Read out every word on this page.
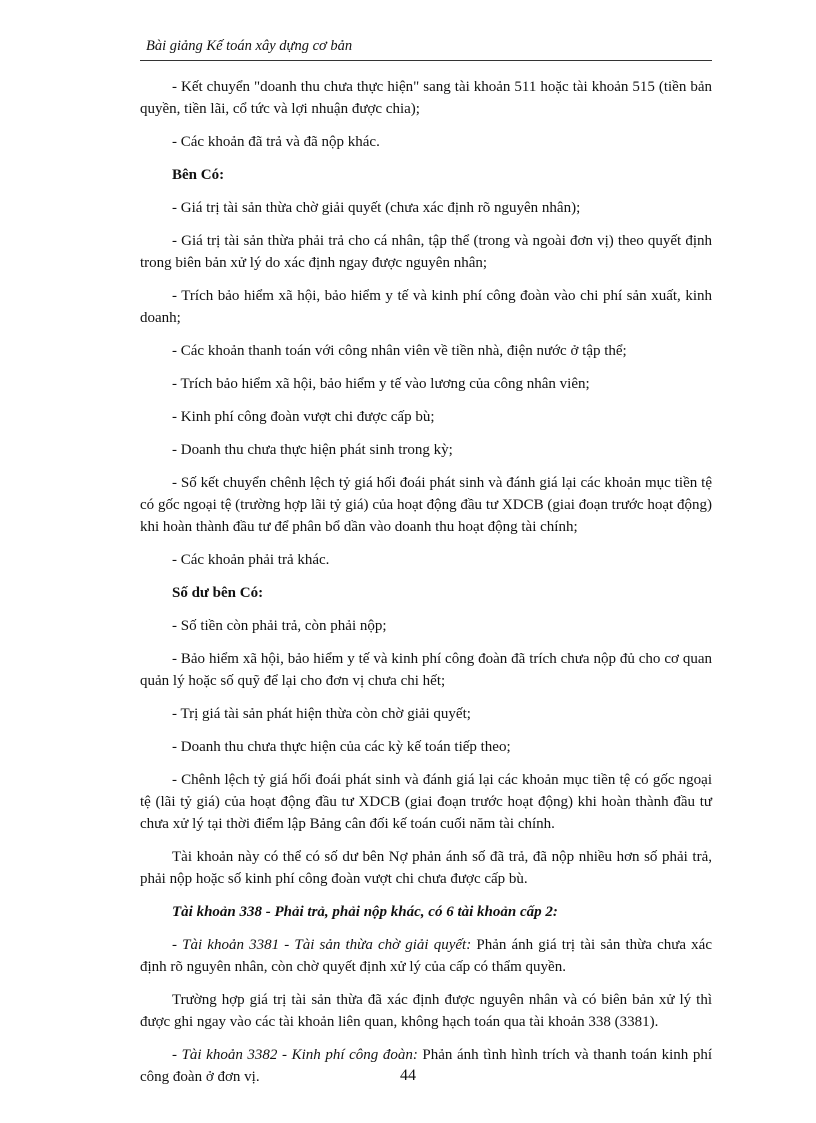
Bài giảng Kế toán xây dựng cơ bản

- Kết chuyển "doanh thu chưa thực hiện" sang tài khoản 511 hoặc tài khoản 515 (tiền bản quyền, tiền lãi, cổ tức và lợi nhuận được chia);

- Các khoản đã trả và đã nộp khác.

Bên Có:

- Giá trị tài sản thừa chờ giải quyết (chưa xác định rõ nguyên nhân);

- Giá trị tài sản thừa phải trả cho cá nhân, tập thể (trong và ngoài đơn vị) theo quyết định trong biên bản xử lý do xác định ngay được nguyên nhân;

- Trích bảo hiểm xã hội, bảo hiểm y tế và kinh phí công đoàn vào chi phí sản xuất, kinh doanh;

- Các khoản thanh toán với công nhân viên về tiền nhà, điện nước ở tập thể;

- Trích bảo hiểm xã hội, bảo hiểm y tế vào lương của công nhân viên;

- Kinh phí công đoàn vượt chi được cấp bù;

- Doanh thu chưa thực hiện phát sinh trong kỳ;

- Số kết chuyển chênh lệch tỷ giá hối đoái phát sinh và đánh giá lại các khoản mục tiền tệ có gốc ngoại tệ (trường hợp lãi tỷ giá) của hoạt động đầu tư XDCB (giai đoạn trước hoạt động) khi hoàn thành đầu tư để phân bổ dần vào doanh thu hoạt động tài chính;

- Các khoản phải trả khác.

Số dư bên Có:

- Số tiền còn phải trả, còn phải nộp;

- Bảo hiểm xã hội, bảo hiểm y tế và kinh phí công đoàn đã trích chưa nộp đủ cho cơ quan quản lý hoặc số quỹ để lại cho đơn vị chưa chi hết;

- Trị giá tài sản phát hiện thừa còn chờ giải quyết;

- Doanh thu chưa thực hiện của các kỳ kế toán tiếp theo;

- Chênh lệch tỷ giá hối đoái phát sinh và đánh giá lại các khoản mục tiền tệ có gốc ngoại tệ (lãi tỷ giá) của hoạt động đầu tư XDCB (giai đoạn trước hoạt động) khi hoàn thành đầu tư chưa xử lý tại thời điểm lập Bảng cân đối kế toán cuối năm tài chính.

Tài khoản này có thể có số dư bên Nợ phản ánh số đã trả, đã nộp nhiều hơn số phải trả, phải nộp hoặc số kinh phí công đoàn vượt chi chưa được cấp bù.

Tài khoản 338 - Phải trả, phải nộp khác, có 6 tài khoản cấp 2:

- Tài khoản 3381 - Tài sản thừa chờ giải quyết: Phản ánh giá trị tài sản thừa chưa xác định rõ nguyên nhân, còn chờ quyết định xử lý của cấp có thẩm quyền.

Trường hợp giá trị tài sản thừa đã xác định được nguyên nhân và có biên bản xử lý thì được ghi ngay vào các tài khoản liên quan, không hạch toán qua tài khoản 338 (3381).

- Tài khoản 3382 - Kinh phí công đoàn: Phản ánh tình hình trích và thanh toán kinh phí công đoàn ở đơn vị.	44
